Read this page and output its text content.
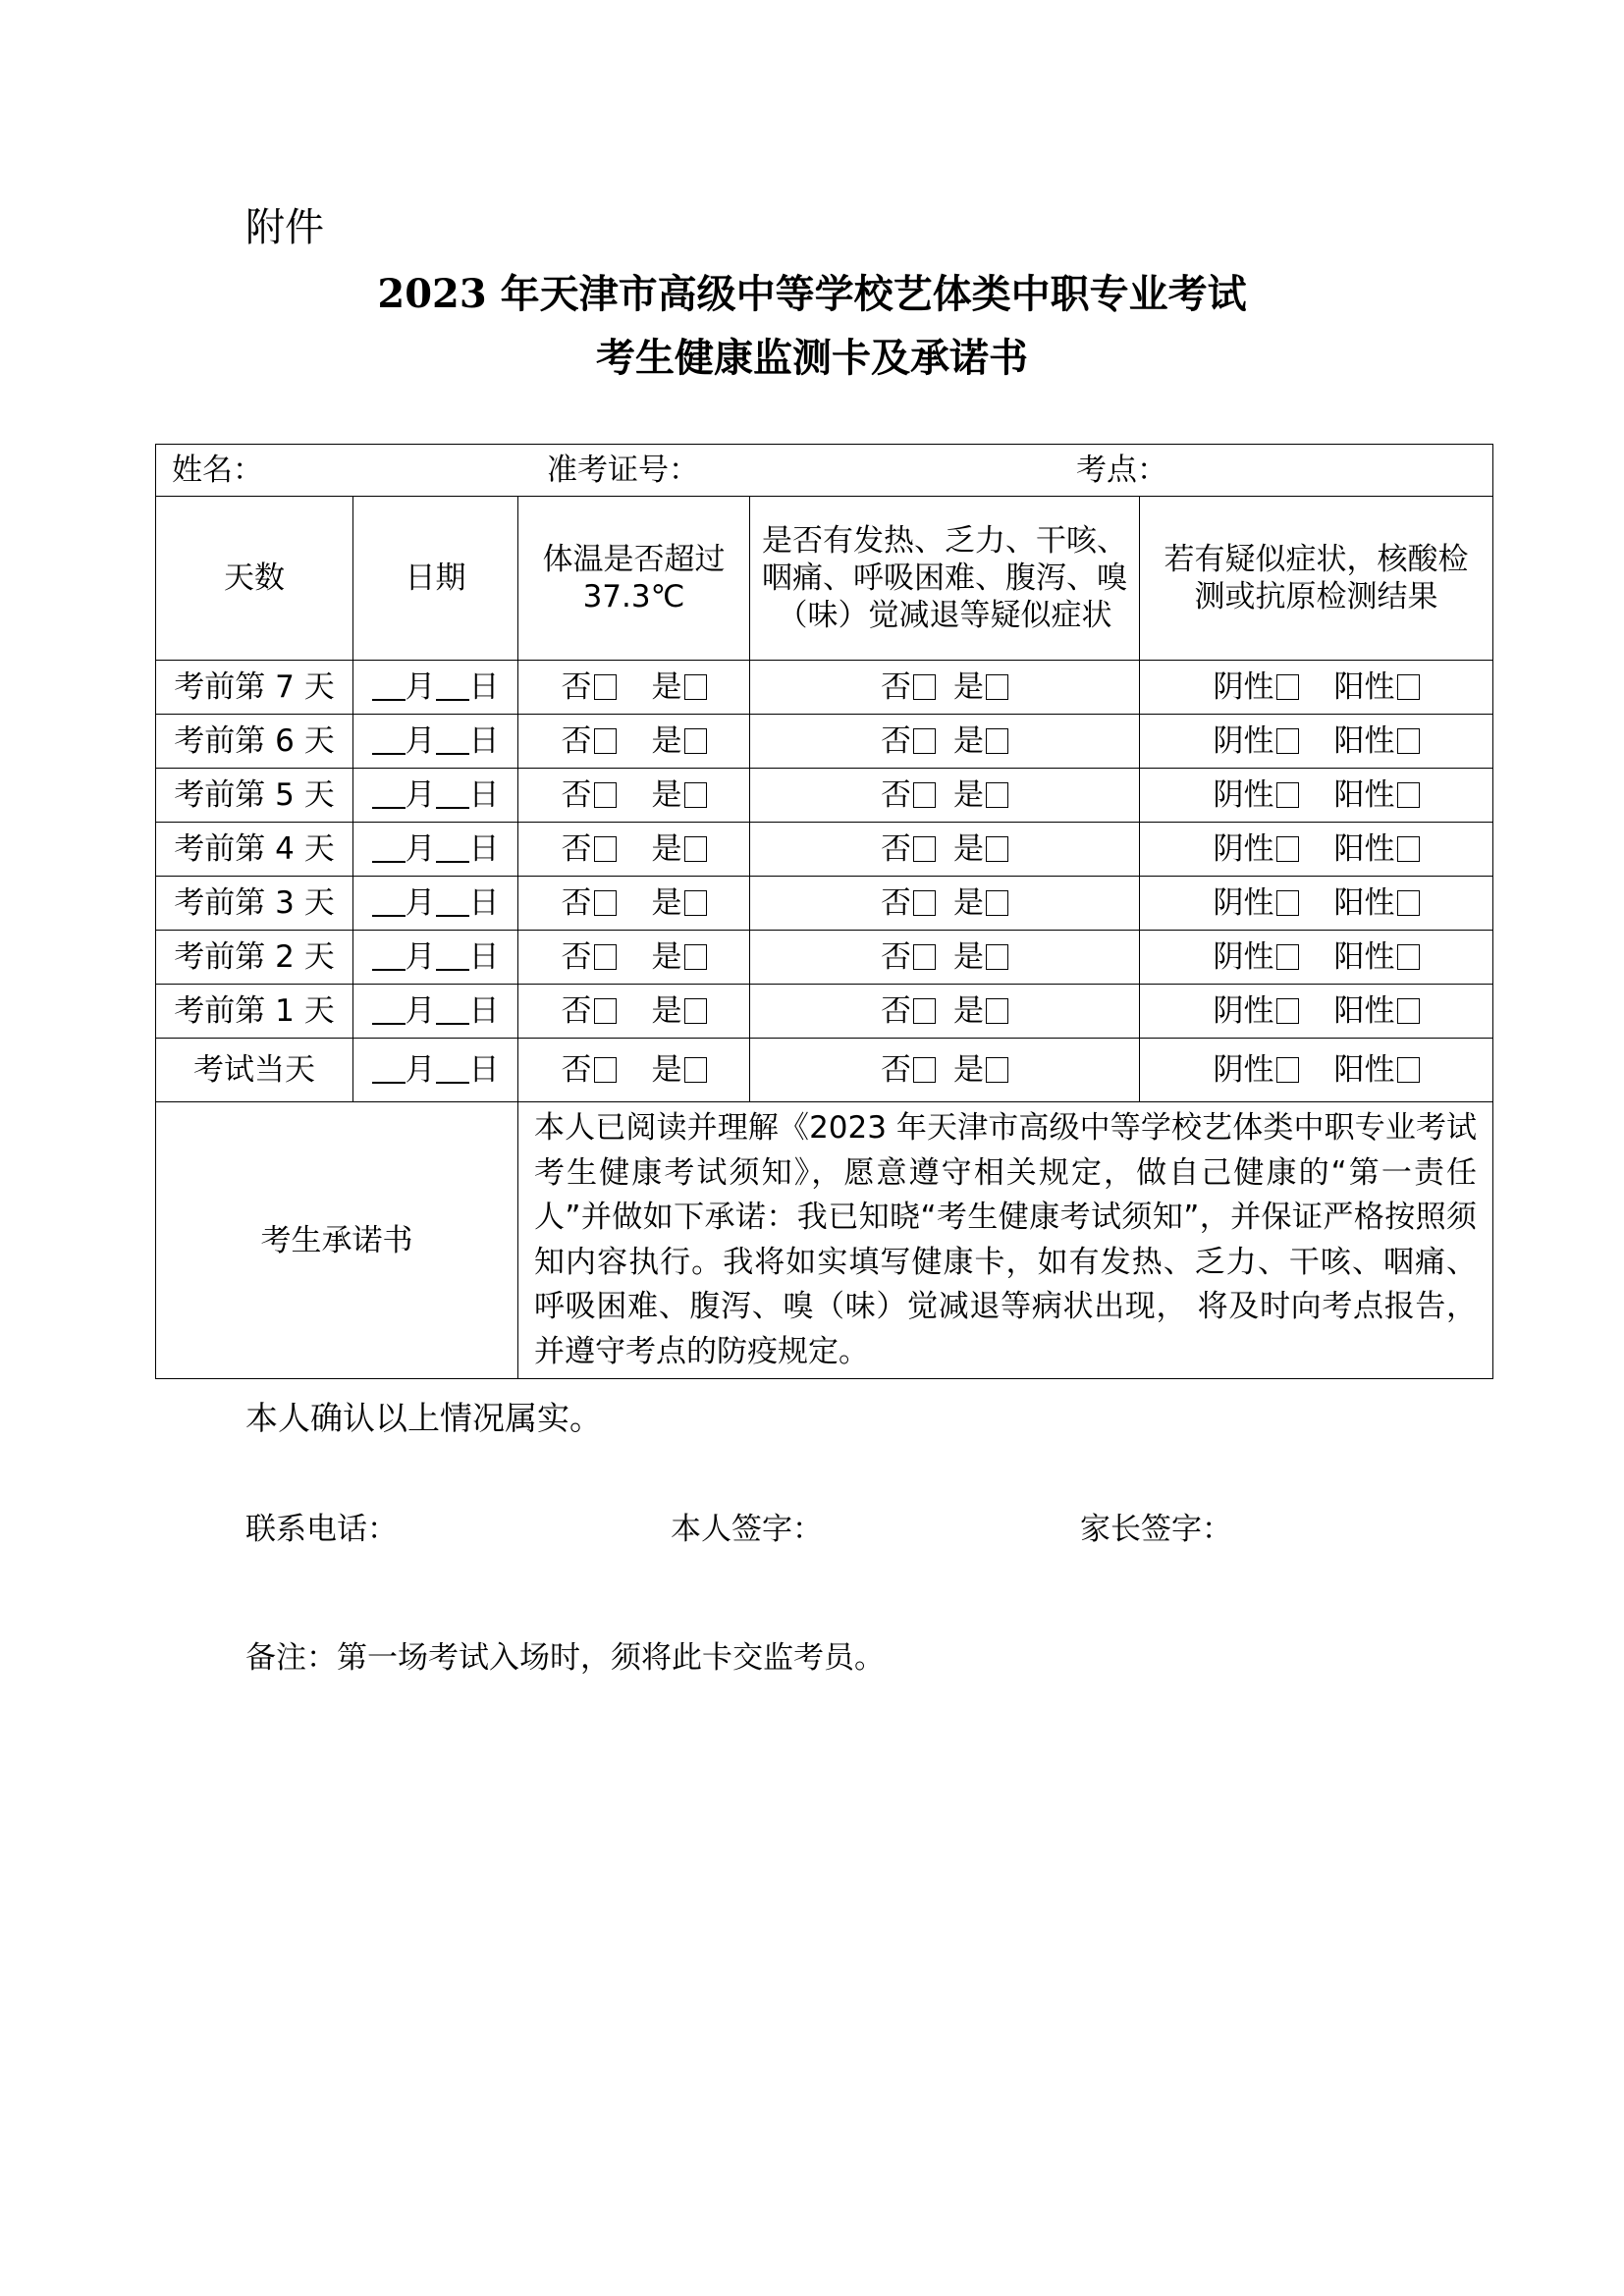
附件
2023 年天津市高级中等学校艺体类中职专业考试
考生健康监测卡及承诺书
姓名： 准考证号： 考点：				

天数	日期	体温是否超过37.3℃	是否有发热、乏力、干咳、咽痛、呼吸困难、腹泻、嗅（味）觉减退等疑似症状	若有疑似症状，核酸检测或抗原检测结果

考前第 7 天	月 日	否 是	否 是	阴性 阳性
考前第 6 天	月 日	否 是	否 是	阴性 阳性
考前第 5 天	月 日	否 是	否 是	阴性 阳性
考前第 4 天	月 日	否 是	否 是	阴性 阳性
考前第 3 天	月 日	否 是	否 是	阴性 阳性
考前第 2 天	月 日	否 是	否 是	阴性 阳性
考前第 1 天	月 日	否 是	否 是	阴性 阳性
考试当天	月 日	否 是	否 是	阴性 阳性
考生承诺书		本人已阅读并理解《2023 年天津市高级中等学校艺体类中职专业考试考生健康考试须知》，愿意遵守相关规定，做自己健康的“第一责任人”并做如下承诺：我已知晓“考生健康考试须知”，并保证严格按照须知内容执行。我将如实填写健康卡，如有发热、乏力、干咳、咽痛、呼吸困难、腹泻、嗅（味）觉减退等病状出现， 将及时向考点报告，并遵守考点的防疫规定。		
本人确认以上情况属实。
联系电话：	本人签字：	家长签字：
备注：第一场考试入场时，须将此卡交监考员。
